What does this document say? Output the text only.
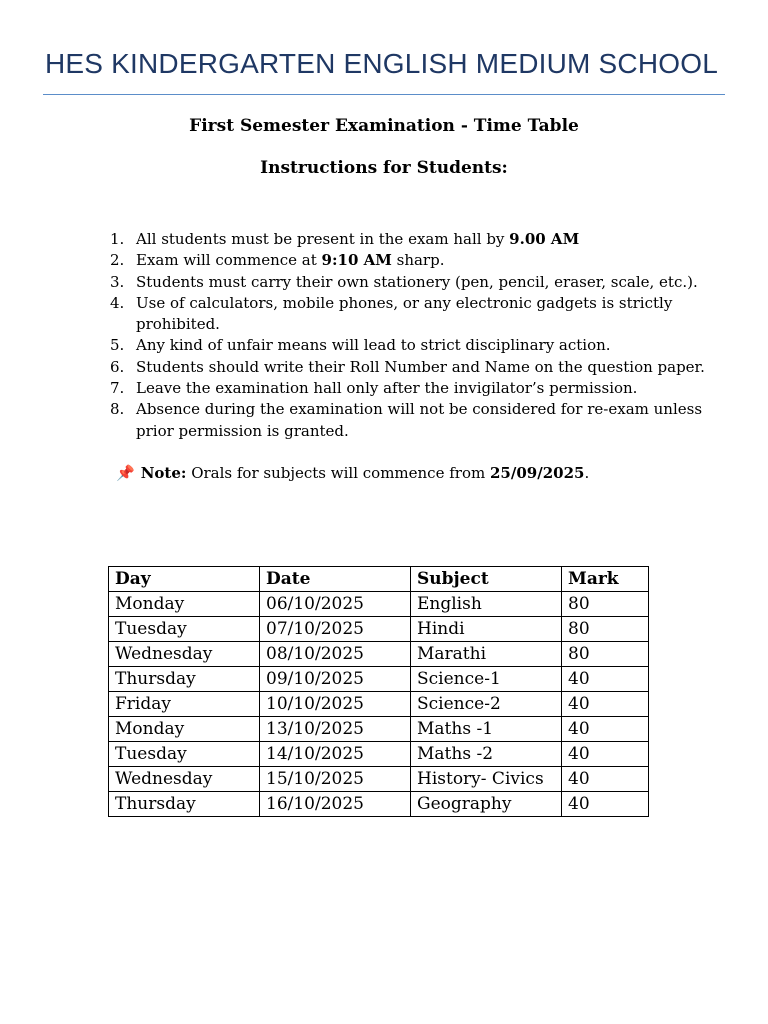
HES KINDERGARTEN ENGLISH MEDIUM SCHOOL
First Semester Examination - Time Table
Instructions for Students:
1. All students must be present in the exam hall by 9.00 AM
2. Exam will commence at 9:10 AM sharp.
3. Students must carry their own stationery (pen, pencil, eraser, scale, etc.).
4. Use of calculators, mobile phones, or any electronic gadgets is strictly prohibited.
5. Any kind of unfair means will lead to strict disciplinary action.
6. Students should write their Roll Number and Name on the question paper.
7. Leave the examination hall only after the invigilator’s permission.
8. Absence during the examination will not be considered for re-exam unless prior permission is granted.
📌 Note: Orals for subjects will commence from 25/09/2025.
Day	Date	Subject	Mark
Monday	06/10/2025	English	80
Tuesday	07/10/2025	Hindi	80
Wednesday	08/10/2025	Marathi	80
Thursday	09/10/2025	Science-1	40
Friday	10/10/2025	Science-2	40
Monday	13/10/2025	Maths -1	40
Tuesday	14/10/2025	Maths -2	40
Wednesday	15/10/2025	History- Civics	40
Thursday	16/10/2025	Geography	40
